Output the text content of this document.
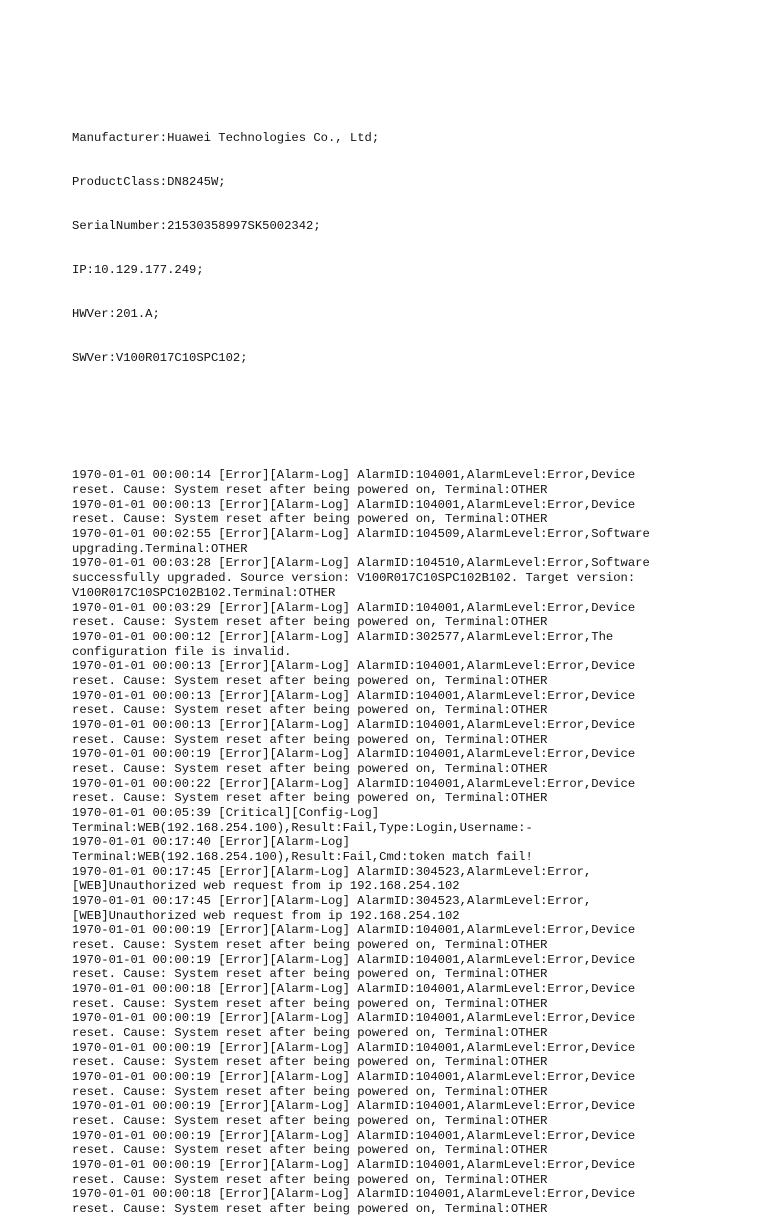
Manufacturer:Huawei Technologies Co., Ltd;

ProductClass:DN8245W;

SerialNumber:21530358997SK5002342;

IP:10.129.177.249;

HWVer:201.A;

SWVer:V100R017C10SPC102;

1970-01-01 00:00:14 [Error][Alarm-Log] AlarmID:104001,AlarmLevel:Error,Device
reset. Cause: System reset after being powered on, Terminal:OTHER
1970-01-01 00:00:13 [Error][Alarm-Log] AlarmID:104001,AlarmLevel:Error,Device
reset. Cause: System reset after being powered on, Terminal:OTHER
1970-01-01 00:02:55 [Error][Alarm-Log] AlarmID:104509,AlarmLevel:Error,Software
upgrading.Terminal:OTHER
1970-01-01 00:03:28 [Error][Alarm-Log] AlarmID:104510,AlarmLevel:Error,Software
successfully upgraded. Source version: V100R017C10SPC102B102. Target version:
V100R017C10SPC102B102.Terminal:OTHER
1970-01-01 00:03:29 [Error][Alarm-Log] AlarmID:104001,AlarmLevel:Error,Device
reset. Cause: System reset after being powered on, Terminal:OTHER
1970-01-01 00:00:12 [Error][Alarm-Log] AlarmID:302577,AlarmLevel:Error,The
configuration file is invalid.
1970-01-01 00:00:13 [Error][Alarm-Log] AlarmID:104001,AlarmLevel:Error,Device
reset. Cause: System reset after being powered on, Terminal:OTHER
1970-01-01 00:00:13 [Error][Alarm-Log] AlarmID:104001,AlarmLevel:Error,Device
reset. Cause: System reset after being powered on, Terminal:OTHER
1970-01-01 00:00:13 [Error][Alarm-Log] AlarmID:104001,AlarmLevel:Error,Device
reset. Cause: System reset after being powered on, Terminal:OTHER
1970-01-01 00:00:19 [Error][Alarm-Log] AlarmID:104001,AlarmLevel:Error,Device
reset. Cause: System reset after being powered on, Terminal:OTHER
1970-01-01 00:00:22 [Error][Alarm-Log] AlarmID:104001,AlarmLevel:Error,Device
reset. Cause: System reset after being powered on, Terminal:OTHER
1970-01-01 00:05:39 [Critical][Config-Log]
Terminal:WEB(192.168.254.100),Result:Fail,Type:Login,Username:-
1970-01-01 00:17:40 [Error][Alarm-Log]
Terminal:WEB(192.168.254.100),Result:Fail,Cmd:token match fail!
1970-01-01 00:17:45 [Error][Alarm-Log] AlarmID:304523,AlarmLevel:Error,
[WEB]Unauthorized web request from ip 192.168.254.102
1970-01-01 00:17:45 [Error][Alarm-Log] AlarmID:304523,AlarmLevel:Error,
[WEB]Unauthorized web request from ip 192.168.254.102
1970-01-01 00:00:19 [Error][Alarm-Log] AlarmID:104001,AlarmLevel:Error,Device
reset. Cause: System reset after being powered on, Terminal:OTHER
1970-01-01 00:00:19 [Error][Alarm-Log] AlarmID:104001,AlarmLevel:Error,Device
reset. Cause: System reset after being powered on, Terminal:OTHER
1970-01-01 00:00:18 [Error][Alarm-Log] AlarmID:104001,AlarmLevel:Error,Device
reset. Cause: System reset after being powered on, Terminal:OTHER
1970-01-01 00:00:19 [Error][Alarm-Log] AlarmID:104001,AlarmLevel:Error,Device
reset. Cause: System reset after being powered on, Terminal:OTHER
1970-01-01 00:00:19 [Error][Alarm-Log] AlarmID:104001,AlarmLevel:Error,Device
reset. Cause: System reset after being powered on, Terminal:OTHER
1970-01-01 00:00:19 [Error][Alarm-Log] AlarmID:104001,AlarmLevel:Error,Device
reset. Cause: System reset after being powered on, Terminal:OTHER
1970-01-01 00:00:19 [Error][Alarm-Log] AlarmID:104001,AlarmLevel:Error,Device
reset. Cause: System reset after being powered on, Terminal:OTHER
1970-01-01 00:00:19 [Error][Alarm-Log] AlarmID:104001,AlarmLevel:Error,Device
reset. Cause: System reset after being powered on, Terminal:OTHER
1970-01-01 00:00:19 [Error][Alarm-Log] AlarmID:104001,AlarmLevel:Error,Device
reset. Cause: System reset after being powered on, Terminal:OTHER
1970-01-01 00:00:18 [Error][Alarm-Log] AlarmID:104001,AlarmLevel:Error,Device
reset. Cause: System reset after being powered on, Terminal:OTHER
